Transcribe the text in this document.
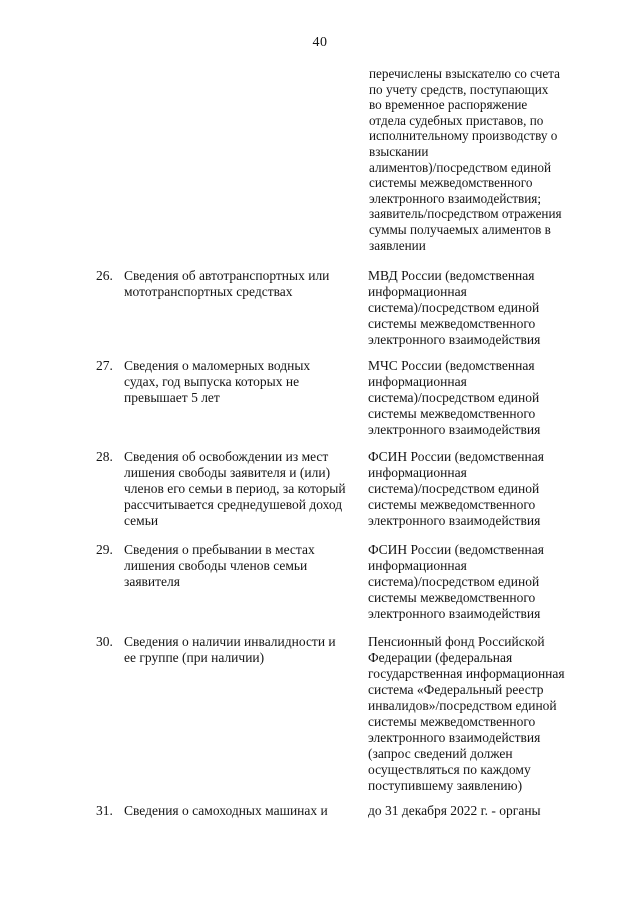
40
перечислены взыскателю со счета
по учету средств, поступающих
во временное распоряжение
отдела судебных приставов, по
исполнительному производству о
взыскании
алиментов)/посредством единой
системы межведомственного
электронного взаимодействия;
заявитель/посредством отражения
суммы получаемых алиментов в
заявлении
26. Сведения об автотранспортных или
мототранспортных средствах
МВД России (ведомственная
информационная
система)/посредством единой
системы межведомственного
электронного взаимодействия
27. Сведения о маломерных водных
судах, год выпуска которых не
превышает 5 лет
МЧС России (ведомственная
информационная
система)/посредством единой
системы межведомственного
электронного взаимодействия
28. Сведения об освобождении из мест
лишения свободы заявителя и (или)
членов его семьи в период, за который
рассчитывается среднедушевой доход
семьи
ФСИН России (ведомственная
информационная
система)/посредством единой
системы межведомственного
электронного взаимодействия
29. Сведения о пребывании в местах
лишения свободы членов семьи
заявителя
ФСИН России (ведомственная
информационная
система)/посредством единой
системы межведомственного
электронного взаимодействия
30. Сведения о наличии инвалидности и
ее группе (при наличии)
Пенсионный фонд Российской
Федерации (федеральная
государственная информационная
система «Федеральный реестр
инвалидов»/посредством единой
системы межведомственного
электронного взаимодействия
(запрос сведений должен
осуществляться по каждому
поступившему заявлению)
31. Сведения о самоходных машинах и	до 31 декабря 2022 г. - органы
